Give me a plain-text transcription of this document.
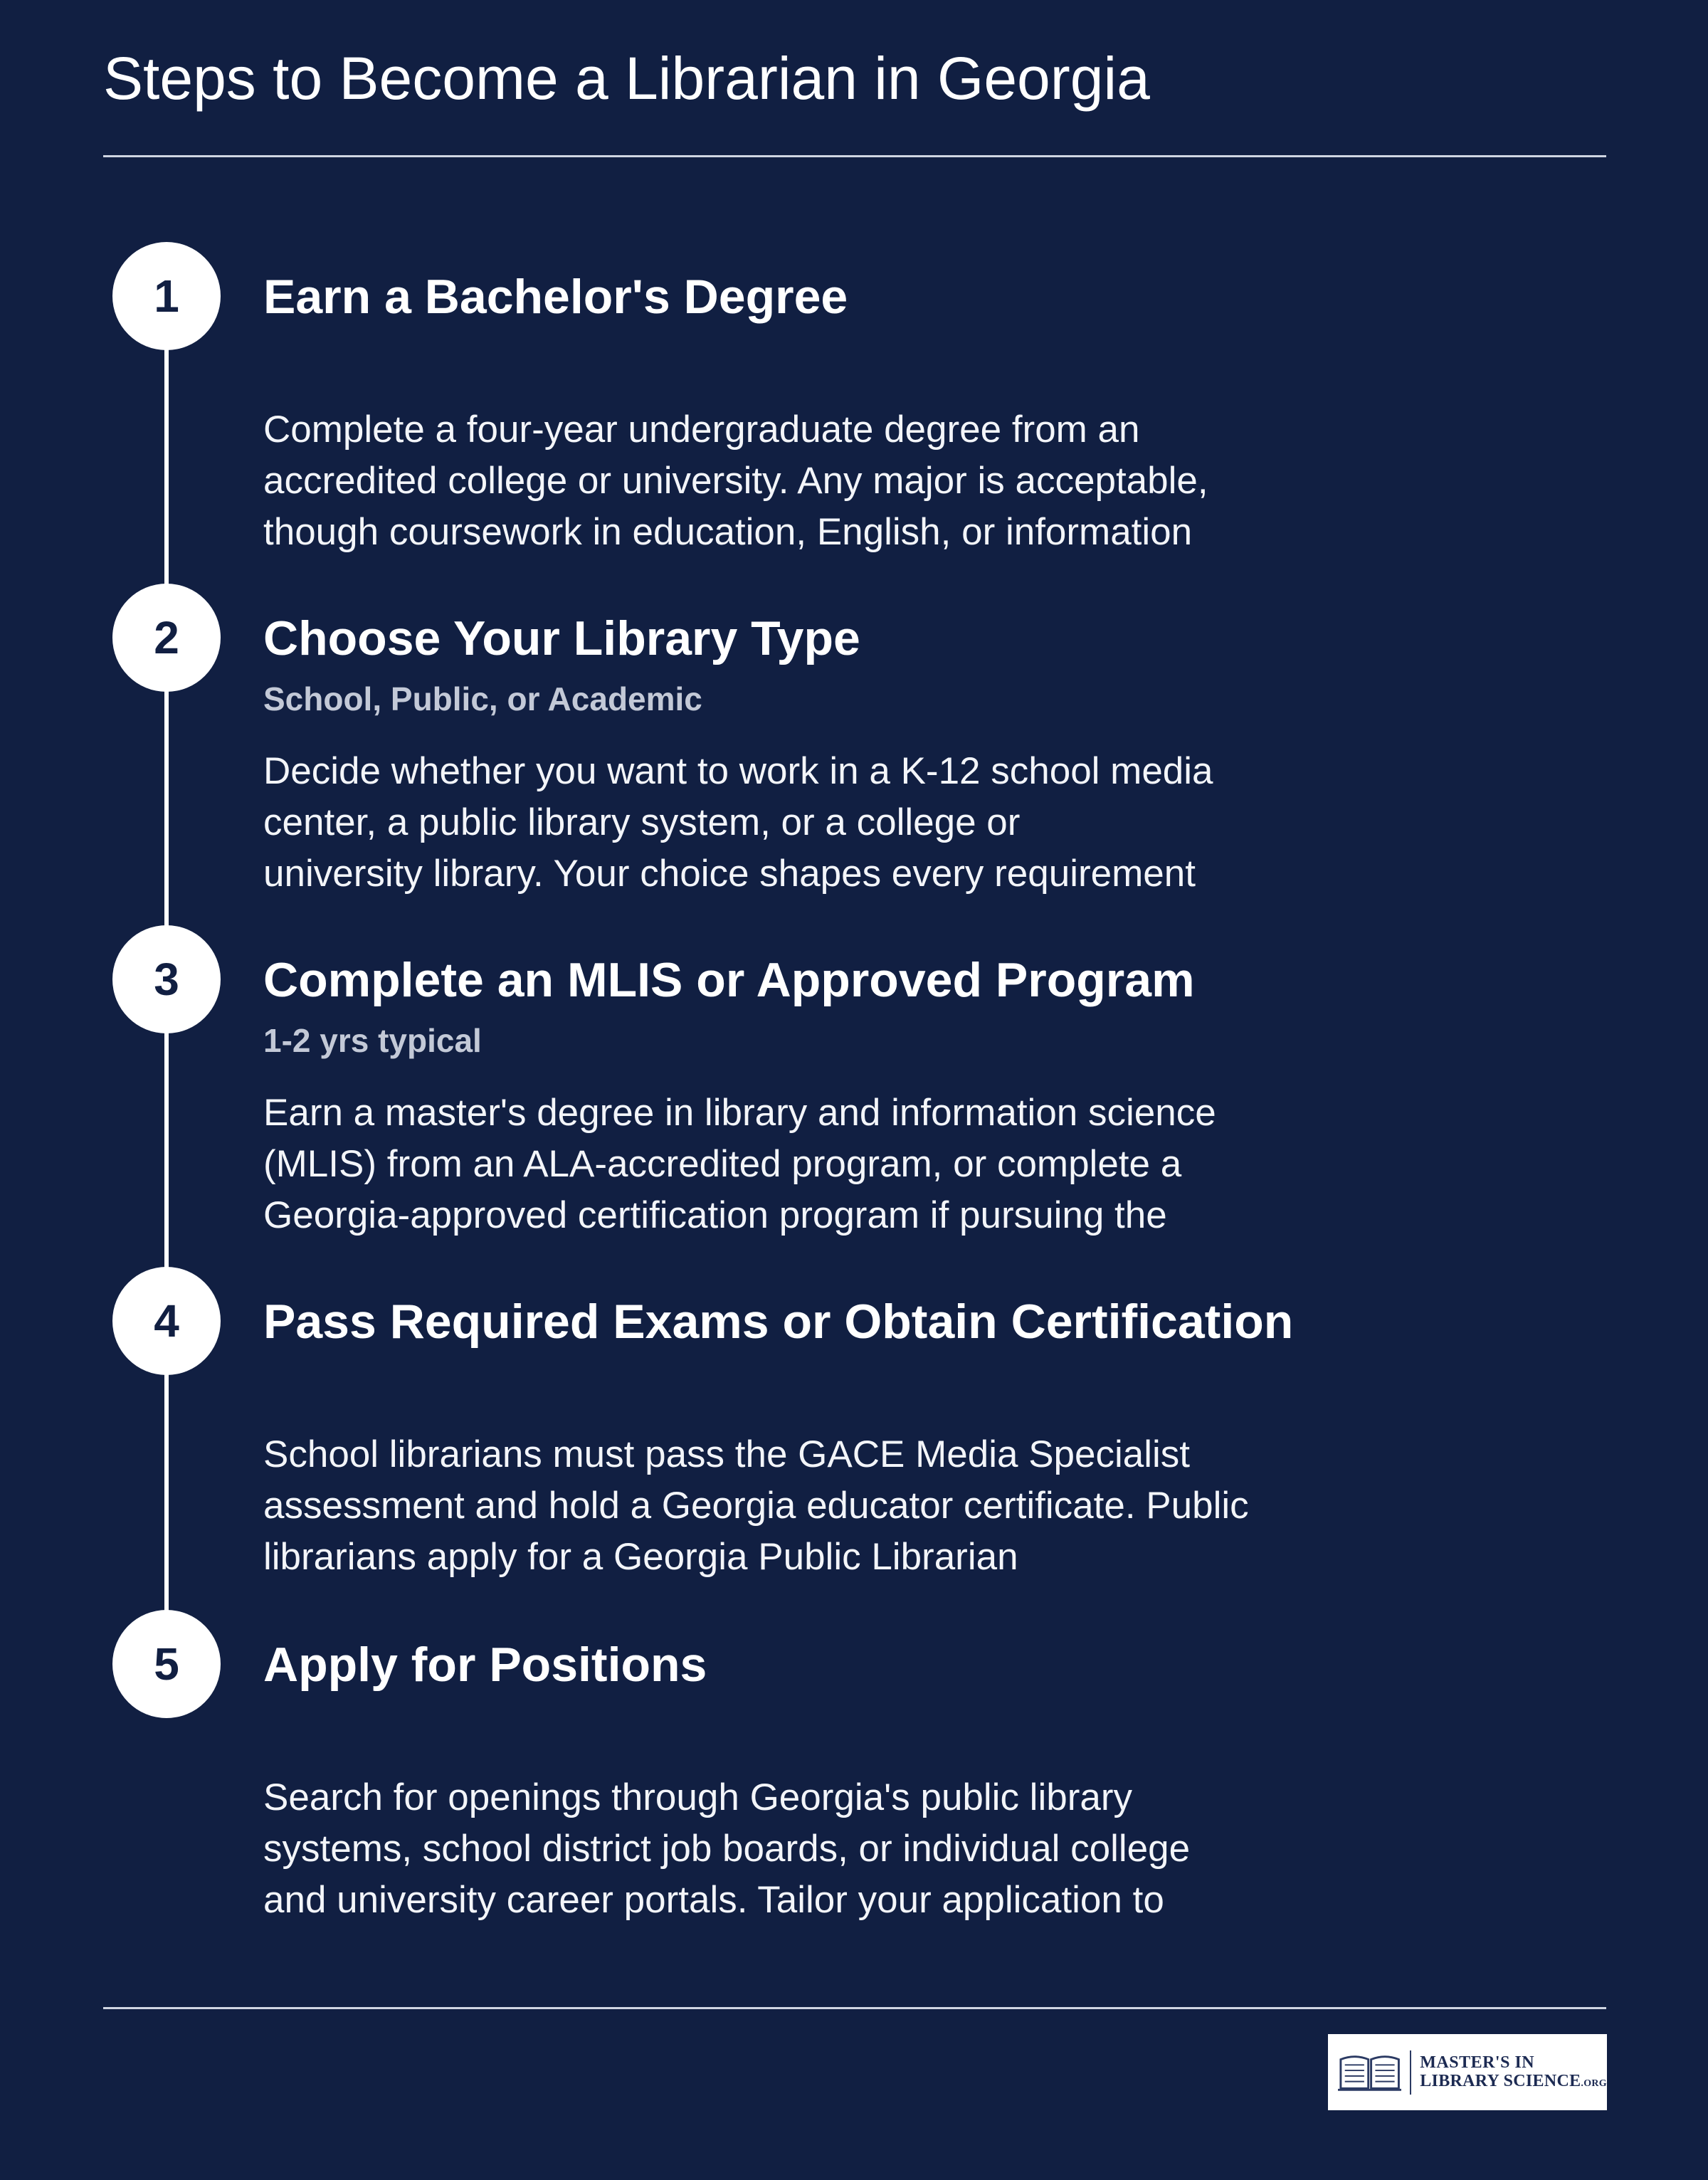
Steps to Become a Librarian in Georgia
1	Earn a Bachelor's Degree
Complete a four-year undergraduate degree from an
accredited college or university. Any major is acceptable,
though coursework in education, English, or information
2	Choose Your Library Type
School, Public, or Academic
Decide whether you want to work in a K-12 school media
center, a public library system, or a college or
university library. Your choice shapes every requirement
3	Complete an MLIS or Approved Program
1-2 yrs typical
Earn a master's degree in library and information science
(MLIS) from an ALA-accredited program, or complete a
Georgia-approved certification program if pursuing the
4	Pass Required Exams or Obtain Certification
School librarians must pass the GACE Media Specialist
assessment and hold a Georgia educator certificate. Public
librarians apply for a Georgia Public Librarian
5	Apply for Positions
Search for openings through Georgia's public library
systems, school district job boards, or individual college
and university career portals. Tailor your application to
MASTER'S IN
LIBRARY SCIENCE.ORG
